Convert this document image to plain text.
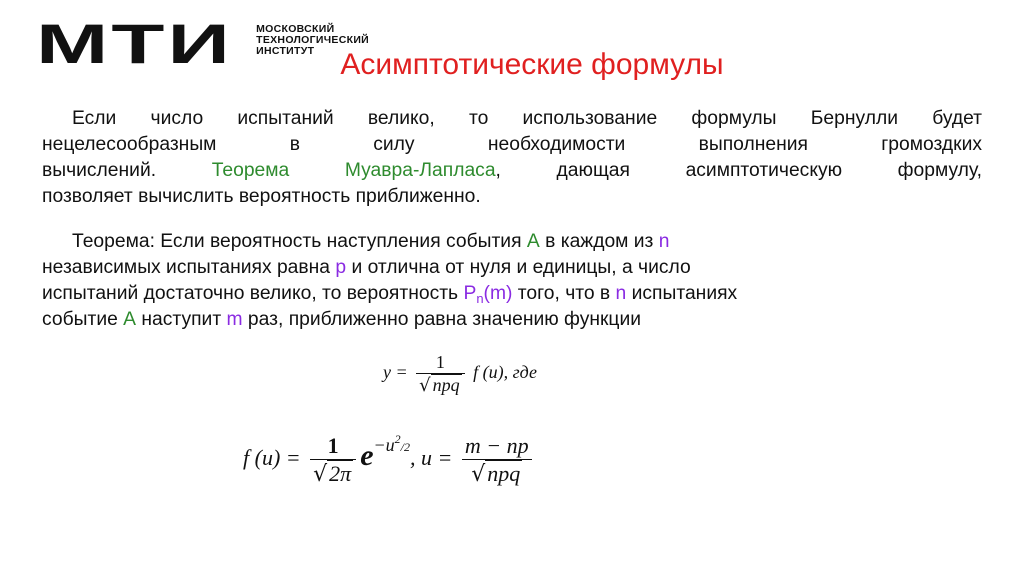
МТИ МОСКОВСКИЙ
ТЕХНОЛОГИЧЕСКИЙ
ИНСТИТУТ Асимптотические формулы
Если число испытаний велико, то использование формулы Бернулли будет
нецелесообразным в силу необходимости выполнения громоздких
вычислений. Теорема Муавра-Лапласа, дающая асимптотическую формулу,
позволяет вычислить вероятность приближенно.
Теорема: Если вероятность наступления события А в каждом из n
независимых испытаниях равна p и отлична от нуля и единицы, а число
испытаний достаточно велико, то вероятность $P_n(m)$ того, что в n испытаниях
событие А наступит m раз, приближенно равна значению функции
$y = \frac{1}{\text{√ npq}}$ f (u), где
f $(u) = \frac{1}{√2\pi} e^{-u^2/2}$, $u = \frac{m - np}{\text{√npq}}$
